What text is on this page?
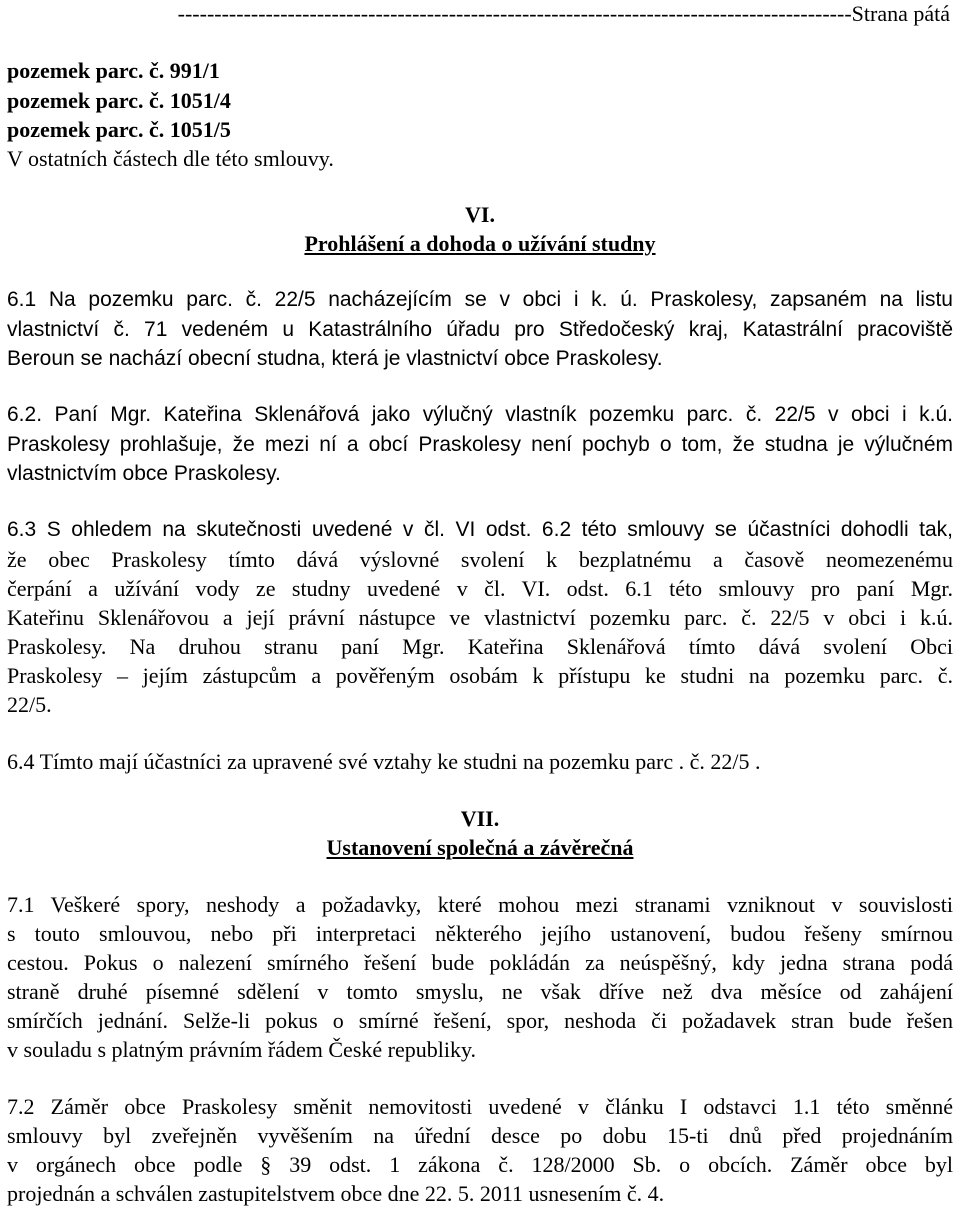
--------------------------------------------------------------------------------------------Strana pátá
pozemek parc. č. 991/1
pozemek parc. č. 1051/4
pozemek parc. č. 1051/5
V ostatních částech dle této smlouvy.
VI.
Prohlášení a dohoda o užívání studny
6.1 Na pozemku parc. č. 22/5 nacházejícím se v obci i k. ú. Praskolesy, zapsaném na listu
vlastnictví č. 71 vedeném u Katastrálního úřadu pro Středočeský kraj, Katastrální pracoviště
Beroun se nachází obecní studna, která je vlastnictví obce Praskolesy.
6.2. Paní Mgr. Kateřina Sklenářová jako výlučný vlastník pozemku parc. č. 22/5 v obci i k.ú.
Praskolesy prohlašuje, že mezi ní a obcí Praskolesy není pochyb o tom, že studna je výlučném
vlastnictvím obce Praskolesy.
6.3 S ohledem na skutečnosti uvedené v čl. VI odst. 6.2 této smlouvy se účastníci dohodli tak,
že obec Praskolesy tímto dává výslovné svolení k bezplatnému a časově neomezenému
čerpání a užívání vody ze studny uvedené v čl. VI. odst. 6.1 této smlouvy pro paní Mgr.
Kateřinu Sklenářovou a její právní nástupce ve vlastnictví pozemku parc. č. 22/5 v obci i k.ú.
Praskolesy. Na druhou stranu paní Mgr. Kateřina Sklenářová tímto dává svolení Obci
Praskolesy – jejím zástupcům a pověřeným osobám k přístupu ke studni na pozemku parc. č.
22/5.
6.4 Tímto mají účastníci za upravené své vztahy ke studni na pozemku parc . č. 22/5 .
VII.
Ustanovení společná a závěrečná
7.1 Veškeré spory, neshody a požadavky, které mohou mezi stranami vzniknout v souvislosti
s touto smlouvou, nebo při interpretaci některého jejího ustanovení, budou řešeny smírnou
cestou. Pokus o nalezení smírného řešení bude pokládán za neúspěšný, kdy jedna strana podá
straně druhé písemné sdělení v tomto smyslu, ne však dříve než dva měsíce od zahájení
smírčích jednání. Selže-li pokus o smírné řešení, spor, neshoda či požadavek stran bude řešen
v souladu s platným právním řádem České republiky.
7.2 Záměr obce Praskolesy směnit nemovitosti uvedené v článku I odstavci 1.1 této směnné
smlouvy byl zveřejněn vyvěšením na úřední desce po dobu 15-ti dnů před projednáním
v orgánech obce podle § 39 odst. 1 zákona č. 128/2000 Sb. o obcích. Záměr obce byl
projednán a schválen zastupitelstvem obce dne 22. 5. 2011 usnesením č. 4.
